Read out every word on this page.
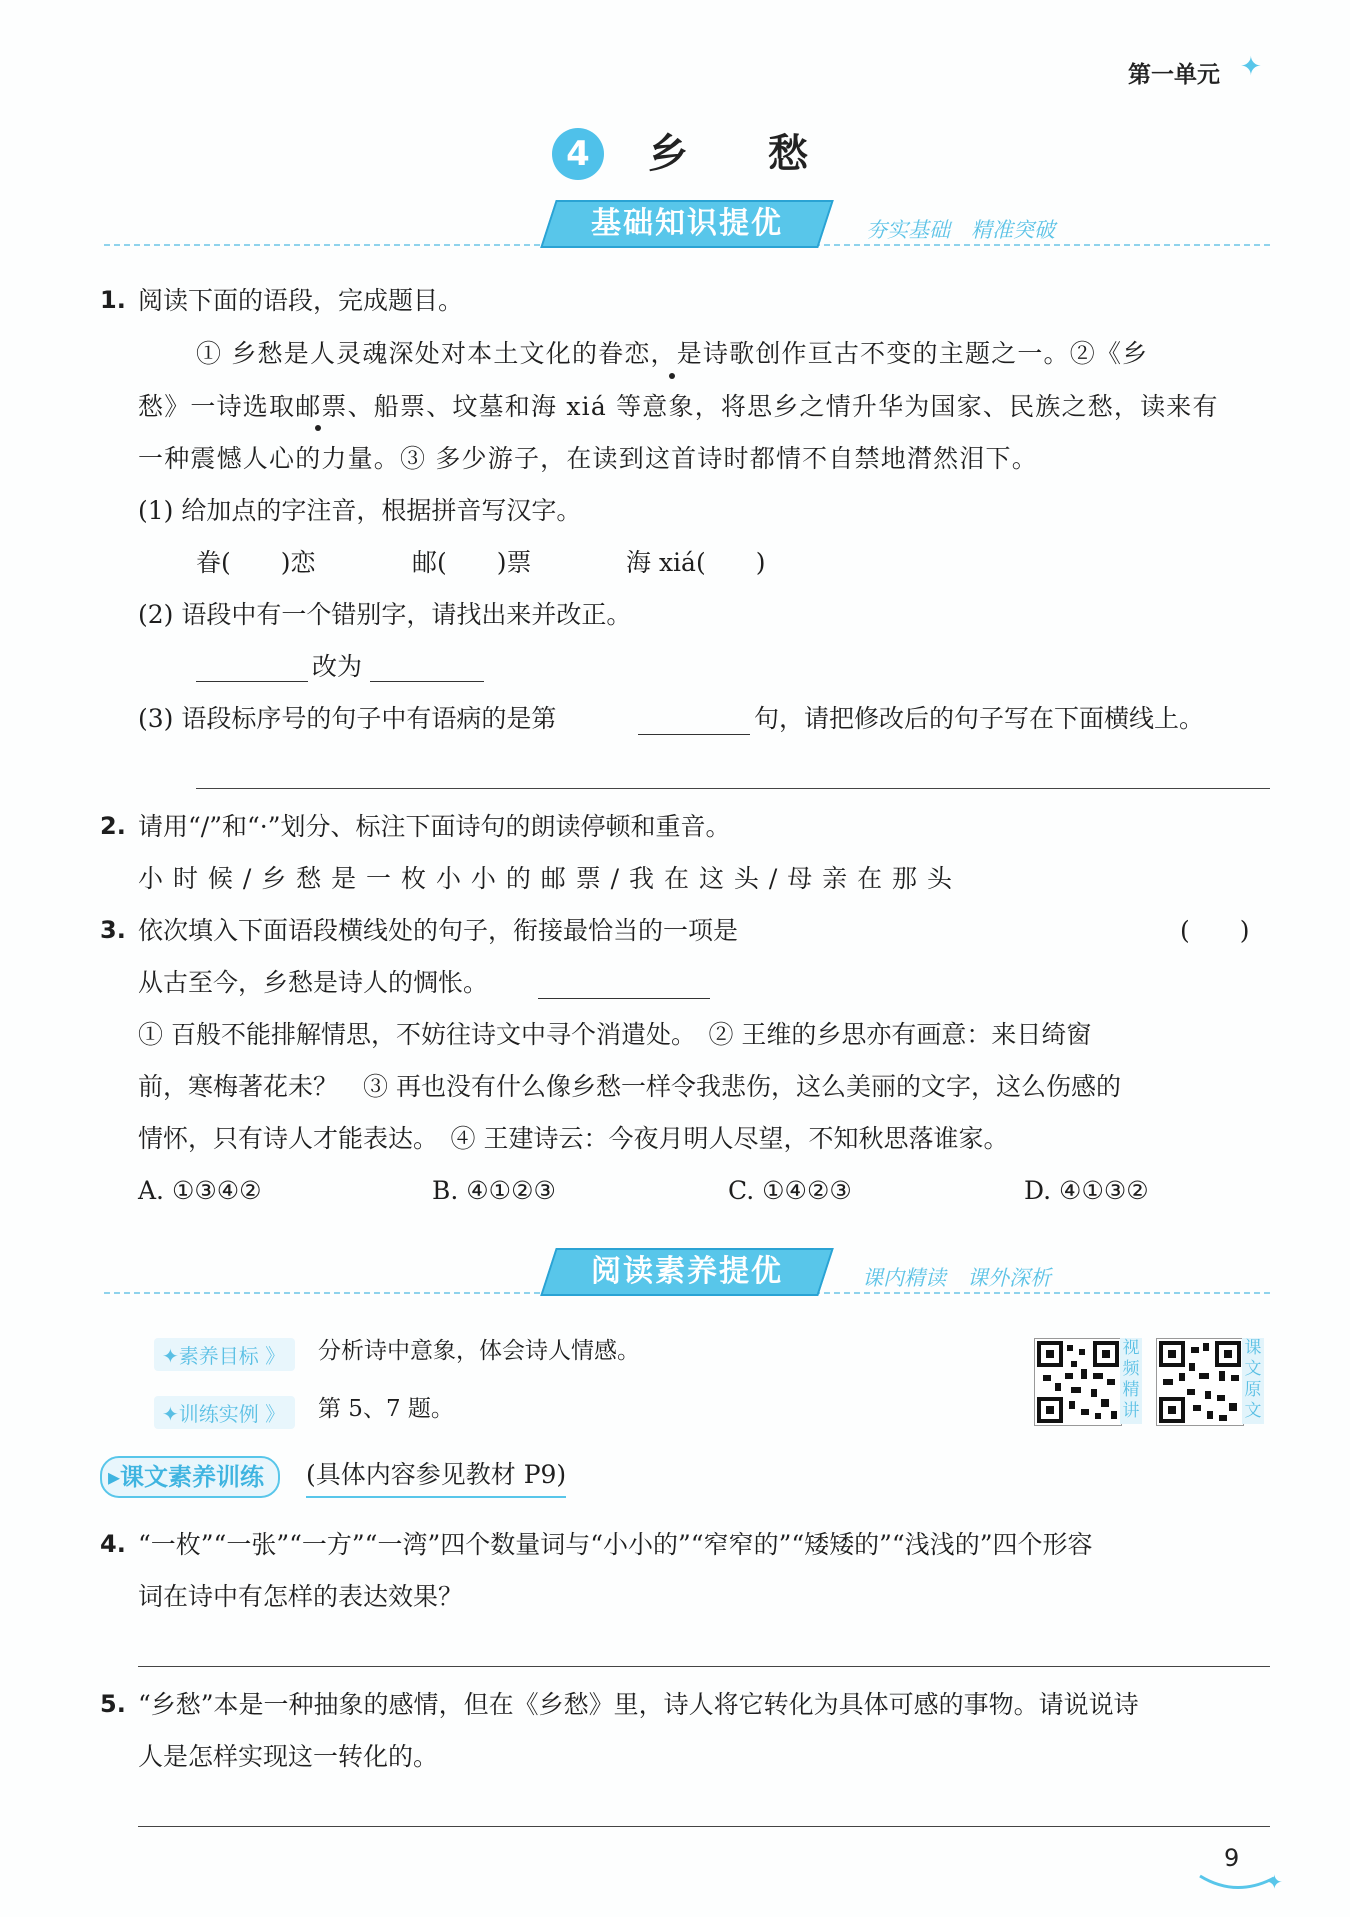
第一单元 ✦
4	乡　　愁
基础知识提优	夯实基础　精准突破
1. 阅读下面的语段，完成题目。
① 乡愁是人灵魂深处对本土文化的眷恋，是诗歌创作亘古不变的主题之一。②《乡
愁》一诗选取邮票、船票、坟墓和海 xiá 等意象，将思乡之情升华为国家、民族之愁，读来有
一种震憾人心的力量。③ 多少游子，在读到这首诗时都情不自禁地潸然泪下。
(1) 给加点的字注音，根据拼音写汉字。
眷(　　)恋	邮(　　)票	海 xiá(　　)
(2) 语段中有一个错别字，请找出来并改正。
改为
(3) 语段标序号的句子中有语病的是第	句，请把修改后的句子写在下面横线上。
2. 请用“/”和“·”划分、标注下面诗句的朗读停顿和重音。
小 时 候 / 乡 愁 是 一 枚 小 小 的 邮 票 / 我 在 这 头 / 母 亲 在 那 头
3. 依次填入下面语段横线处的句子，衔接最恰当的一项是	(　　)
从古至今，乡愁是诗人的惆怅。
① 百般不能排解情思，不妨往诗文中寻个消遣处。　② 王维的乡思亦有画意：来日绮窗
前，寒梅著花未？　③ 再也没有什么像乡愁一样令我悲伤，这么美丽的文字，这么伤感的
情怀，只有诗人才能表达。　④ 王建诗云：今夜月明人尽望，不知秋思落谁家。
A. ①③④②	B. ④①②③	C. ①④②③	D. ④①③②
阅读素养提优	课内精读　课外深析
✦素养目标 》	分析诗中意象，体会诗人情感。
✦训练实例 》	第 5、7 题。
视频精讲
课文原文
▸课文素养训练	(具体内容参见教材 P9)
4. “一枚”“一张”“一方”“一湾”四个数量词与“小小的”“窄窄的”“矮矮的”“浅浅的”四个形容
词在诗中有怎样的表达效果？
5. “乡愁”本是一种抽象的感情，但在《乡愁》里，诗人将它转化为具体可感的事物。请说说诗
人是怎样实现这一转化的。
9
✦
